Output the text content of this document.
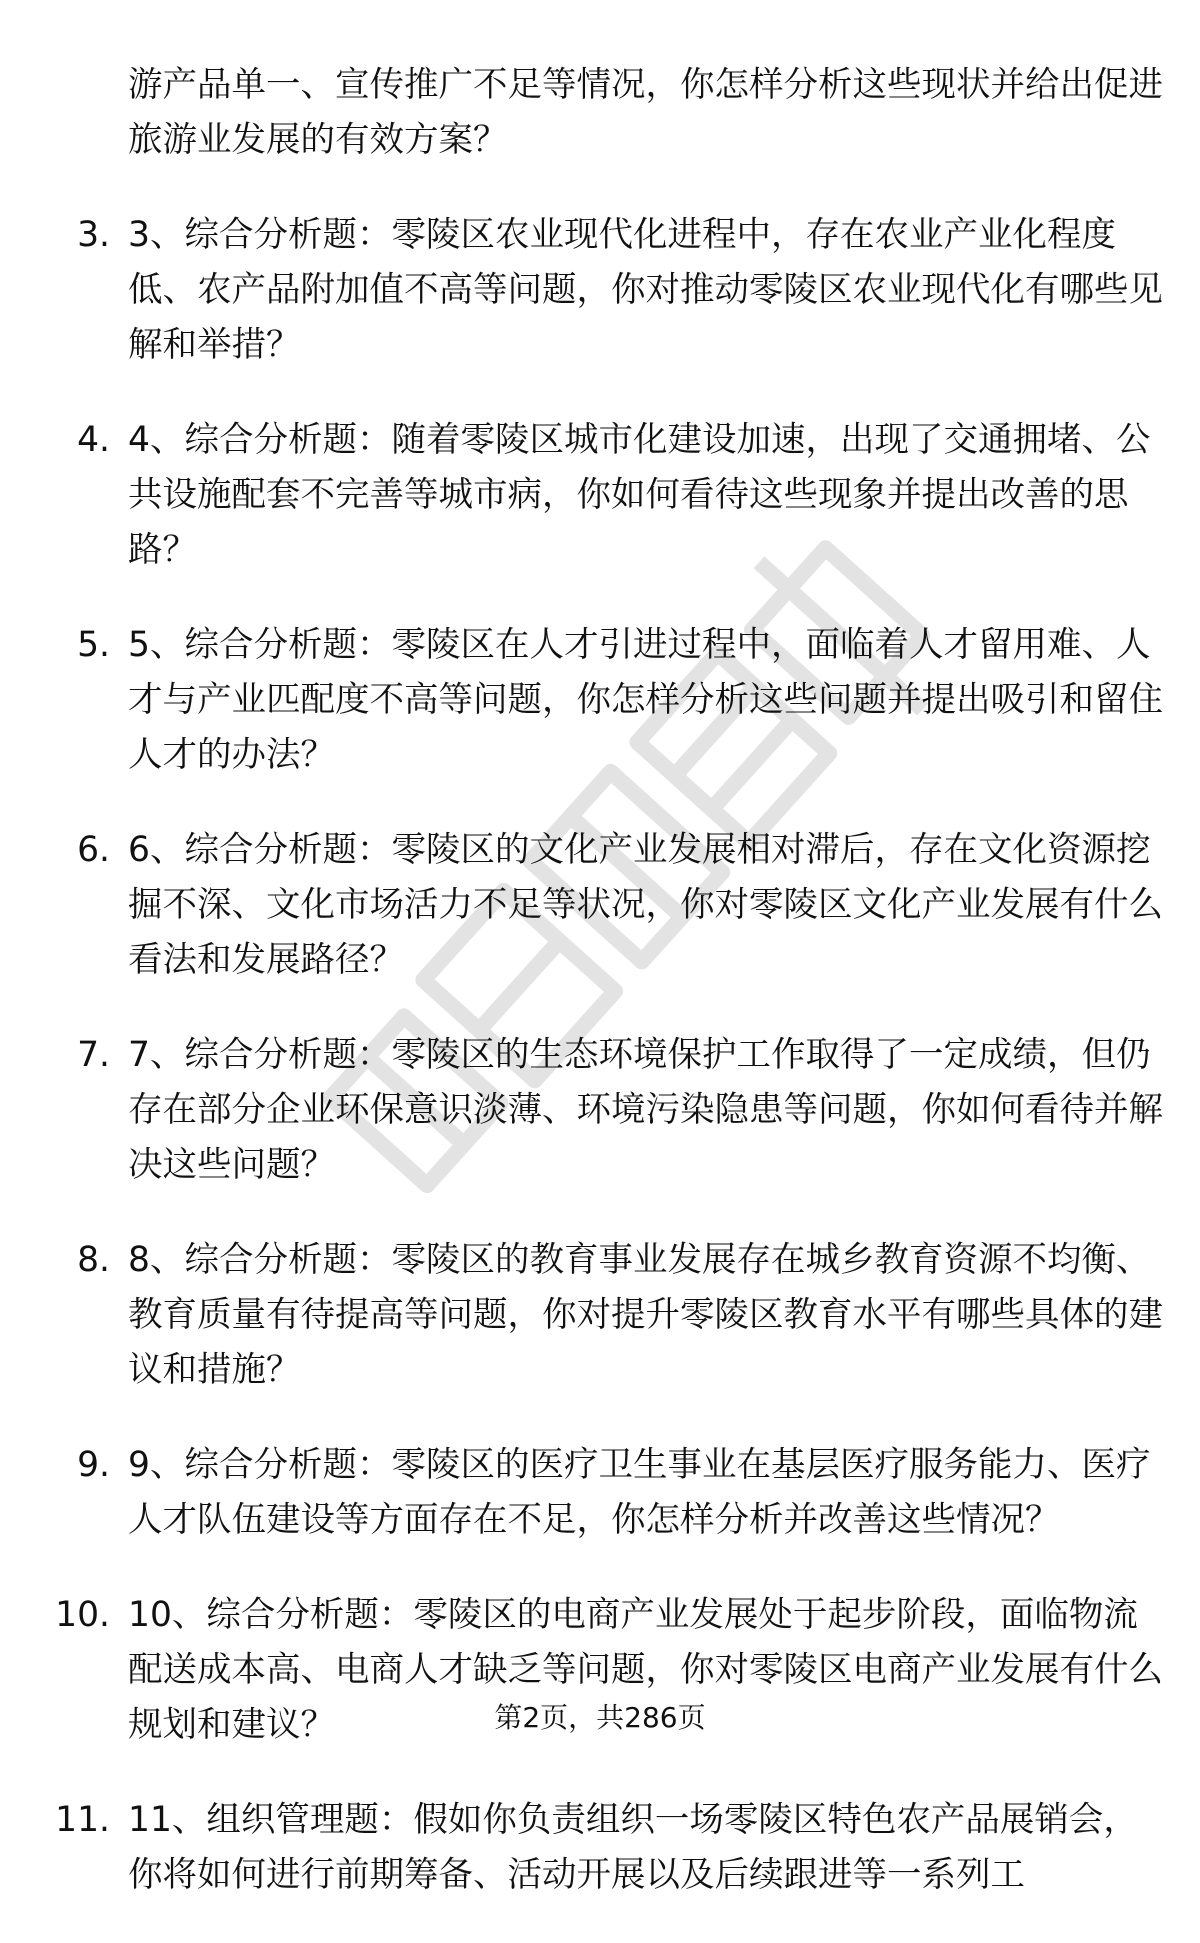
游产品单一、宣传推广不足等情况，你怎样分析这些现状并给出促进旅游业发展的有效方案？
3. 3、综合分析题：零陵区农业现代化进程中，存在农业产业化程度低、农产品附加值不高等问题，你对推动零陵区农业现代化有哪些见解和举措？
4. 4、综合分析题：随着零陵区城市化建设加速，出现了交通拥堵、公共设施配套不完善等城市病，你如何看待这些现象并提出改善的思路？
5. 5、综合分析题：零陵区在人才引进过程中，面临着人才留用难、人才与产业匹配度不高等问题，你怎样分析这些问题并提出吸引和留住人才的办法？
6. 6、综合分析题：零陵区的文化产业发展相对滞后，存在文化资源挖掘不深、文化市场活力不足等状况，你对零陵区文化产业发展有什么看法和发展路径？
7. 7、综合分析题：零陵区的生态环境保护工作取得了一定成绩，但仍存在部分企业环保意识淡薄、环境污染隐患等问题，你如何看待并解决这些问题？
8. 8、综合分析题：零陵区的教育事业发展存在城乡教育资源不均衡、教育质量有待提高等问题，你对提升零陵区教育水平有哪些具体的建议和措施？
9. 9、综合分析题：零陵区的医疗卫生事业在基层医疗服务能力、医疗人才队伍建设等方面存在不足，你怎样分析并改善这些情况？
10. 10、综合分析题：零陵区的电商产业发展处于起步阶段，面临物流配送成本高、电商人才缺乏等问题，你对零陵区电商产业发展有什么规划和建议？
11. 11、组织管理题：假如你负责组织一场零陵区特色农产品展销会，你将如何进行前期筹备、活动开展以及后续跟进等一系列工
第2页，共286页
